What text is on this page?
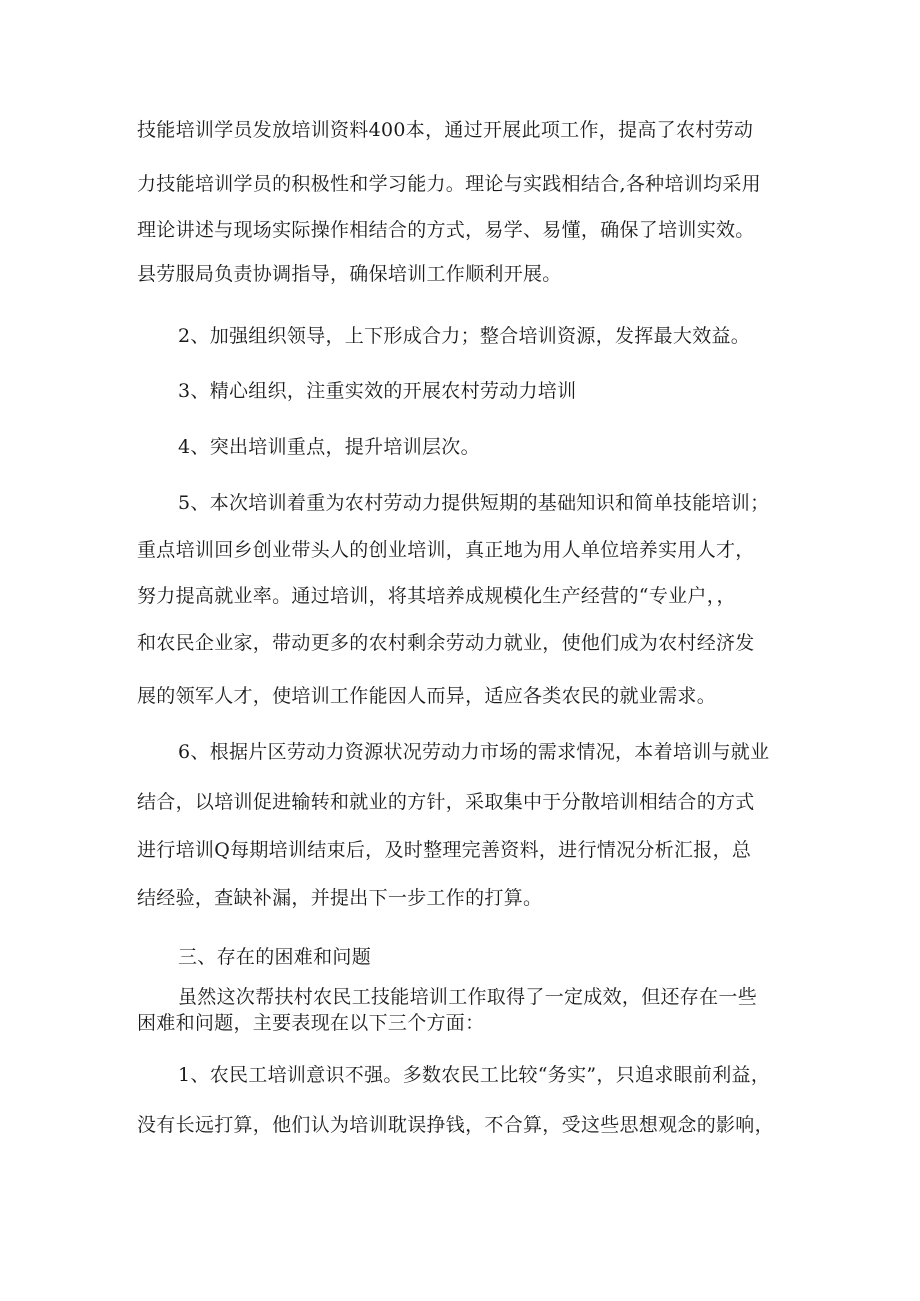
技能培训学员发放培训资料400本，通过开展此项工作，提高了农村劳动
力技能培训学员的积极性和学习能力。理论与实践相结合,各种培训均采用
理论讲述与现场实际操作相结合的方式，易学、易懂，确保了培训实效。
县劳服局负责协调指导，确保培训工作顺利开展。
2、加强组织领导，上下形成合力；整合培训资源，发挥最大效益。
3、精心组织，注重实效的开展农村劳动力培训
4、突出培训重点，提升培训层次。
5、本次培训着重为农村劳动力提供短期的基础知识和简单技能培训；
重点培训回乡创业带头人的创业培训，真正地为用人单位培养实用人才，
努力提高就业率。通过培训，将其培养成规模化生产经营的“专业户，，
和农民企业家，带动更多的农村剩余劳动力就业，使他们成为农村经济发
展的领军人才，使培训工作能因人而异，适应各类农民的就业需求。
6、根据片区劳动力资源状况劳动力市场的需求情况，本着培训与就业
结合，以培训促进输转和就业的方针，采取集中于分散培训相结合的方式
进行培训Q每期培训结束后，及时整理完善资料，进行情况分析汇报，总
结经验，查缺补漏，并提出下一步工作的打算。
三、存在的困难和问题
虽然这次帮扶村农民工技能培训工作取得了一定成效，但还存在一些
困难和问题，主要表现在以下三个方面：
1、农民工培训意识不强。多数农民工比较“务实”，只追求眼前利益，
没有长远打算，他们认为培训耽误挣钱，不合算，受这些思想观念的影响，
